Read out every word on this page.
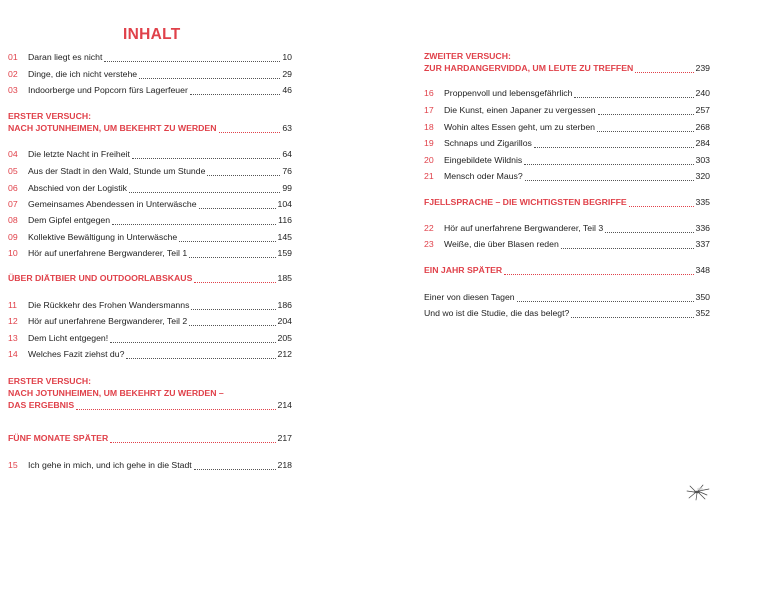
INHALT
01	Daran liegt es nicht	10
02	Dinge, die ich nicht verstehe	29
03	Indoorberge und Popcorn fürs Lagerfeuer	46
ERSTER VERSUCH:
NACH JOTUNHEIMEN, UM BEKEHRT ZU WERDEN	63
04	Die letzte Nacht in Freiheit	64
05	Aus der Stadt in den Wald, Stunde um Stunde	76
06	Abschied von der Logistik	99
07	Gemeinsames Abendessen in Unterwäsche	104
08	Dem Gipfel entgegen	116
09	Kollektive Bewältigung in Unterwäsche	145
10	Hör auf unerfahrene Bergwanderer, Teil 1	159
ÜBER DIÄTBIER UND OUTDOORLABSKAUS	185
11	Die Rückkehr des Frohen Wandersmanns	186
12	Hör auf unerfahrene Bergwanderer, Teil 2	204
13	Dem Licht entgegen!	205
14	Welches Fazit ziehst du?	212
ERSTER VERSUCH:
NACH JOTUNHEIMEN, UM BEKEHRT ZU WERDEN –
DAS ERGEBNIS	214
FÜNF MONATE SPÄTER	217
15	Ich gehe in mich, und ich gehe in die Stadt	218
ZWEITER VERSUCH:
ZUR HARDANGERVIDDA, UM LEUTE ZU TREFFEN	239
16	Proppenvoll und lebensgefährlich	240
17	Die Kunst, einen Japaner zu vergessen	257
18	Wohin altes Essen geht, um zu sterben	268
19	Schnaps und Zigarillos	284
20	Eingebildete Wildnis	303
21	Mensch oder Maus?	320
FJELLSPRACHE – DIE WICHTIGSTEN BEGRIFFE	335
22	Hör auf unerfahrene Bergwanderer, Teil 3	336
23	Weiße, die über Blasen reden	337
EIN JAHR SPÄTER	348
Einer von diesen Tagen	350
Und wo ist die Studie, die das belegt?	352
